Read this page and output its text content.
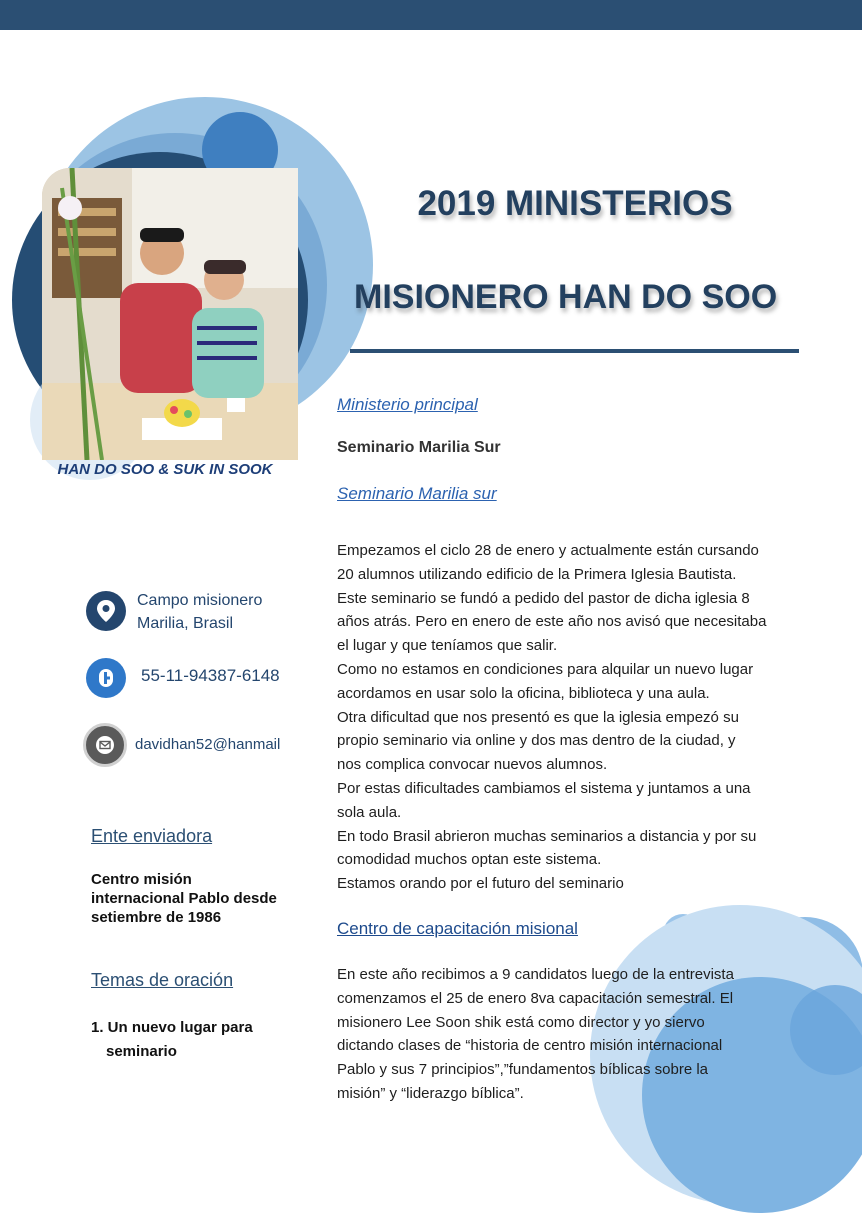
HAN DO SOO & SUK IN SOOK
2019 MINISTERIOS
MISIONERO HAN DO SOO
Campo misionero
Marilia, Brasil
55-11-94387-6148
davidhan52@hanmail
Ente enviadora
Centro misión
internacional Pablo desde
setiembre de 1986
Temas de oración
1. Un nuevo lugar para
seminario
Ministerio principal
Seminario Marilia Sur
Seminario Marilia sur

Empezamos el ciclo 28 de enero y actualmente están cursando

20 alumnos utilizando edificio de la Primera Iglesia Bautista.

Este seminario se fundó a pedido del pastor de dicha iglesia 8

años atrás. Pero en enero de este año nos avisó que necesitaba

el lugar y que teníamos que salir.

Como no estamos en condiciones para alquilar un nuevo lugar

acordamos en usar solo la oficina, biblioteca y una aula.

Otra dificultad que nos presentó es que la iglesia empezó su

propio seminario via online y dos mas dentro de la ciudad, y

nos complica convocar nuevos alumnos.

Por estas dificultades cambiamos el sistema y juntamos a una

sola aula.

En todo Brasil abrieron muchas seminarios a distancia y por su

comodidad muchos optan este sistema.

Estamos orando por el futuro del seminario

Centro de capacitación misional

En este año recibimos a 9 candidatos luego de la entrevista

comenzamos el 25 de enero 8va capacitación semestral. El

misionero Lee Soon shik está como director y yo siervo

dictando clases de “historia de centro misión internacional

Pablo y sus 7 principios”,”fundamentos bíblicas sobre la

misión” y “liderazgo bíblica”.
